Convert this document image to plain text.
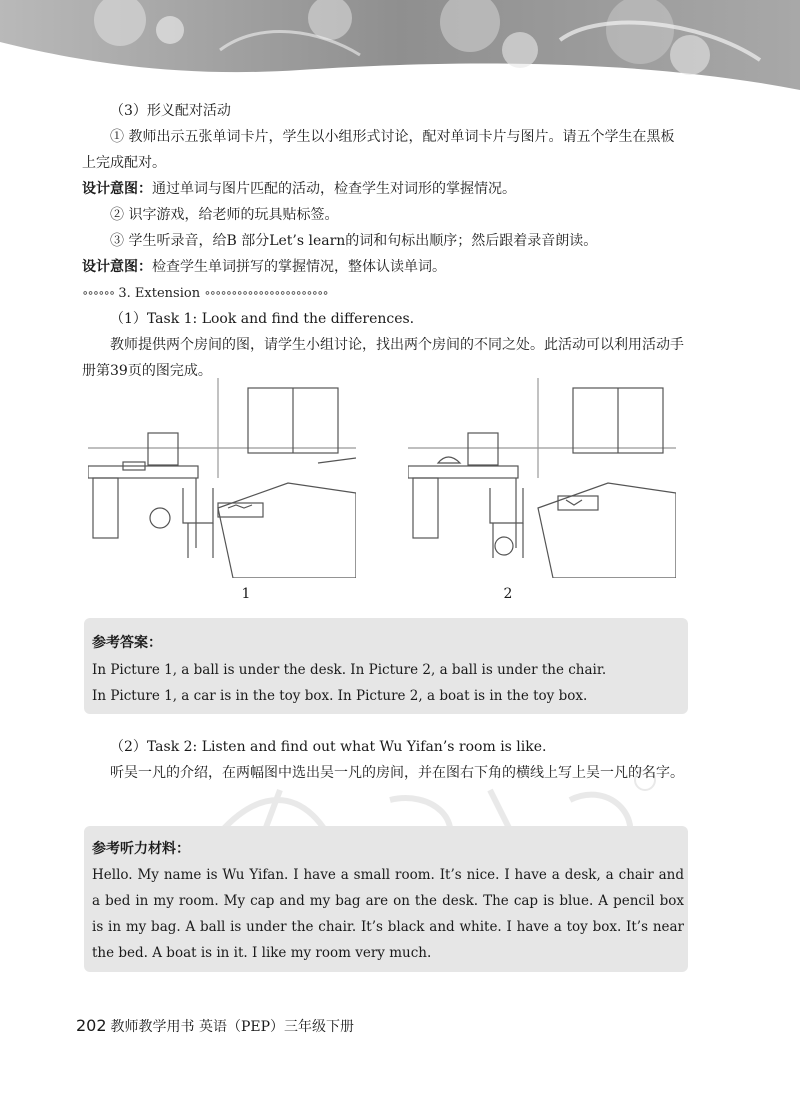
（3）形义配对活动

① 教师出示五张单词卡片，学生以小组形式讨论，配对单词卡片与图片。请五个学生在黑板上完成配对。

设计意图：通过单词与图片匹配的活动，检查学生对词形的掌握情况。

② 识字游戏，给老师的玩具贴标签。

③ 学生听录音，给B 部分Let’s learn的词和句标出顺序；然后跟着录音朗读。

设计意图：检查学生单词拼写的掌握情况，整体认读单词。

∘∘∘∘∘∘ 3. Extension ∘∘∘∘∘∘∘∘∘∘∘∘∘∘∘∘∘∘∘∘∘∘∘

（1）Task 1: Look and find the differences.

教师提供两个房间的图，请学生小组讨论，找出两个房间的不同之处。此活动可以利用活动手册第39页的图完成。

1	2
参考答案：
In Picture 1, a ball is under the desk. In Picture 2, a ball is under the chair.
In Picture 1, a car is in the toy box. In Picture 2, a boat is in the toy box.

（2）Task 2: Listen and find out what Wu Yifan’s room is like.

听吴一凡的介绍，在两幅图中选出吴一凡的房间，并在图右下角的横线上写上吴一凡的名字。

参考听力材料：
Hello. My name is Wu Yifan. I have a small room. It’s nice. I have a desk, a chair and a bed in my room. My cap and my bag are on the desk. The cap is blue. A pencil box is in my bag. A ball is under the chair. It’s black and white. I have a toy box. It’s near the bed. A boat is in it. I like my room very much.
202 教师教学用书 英语（PEP）三年级下册
